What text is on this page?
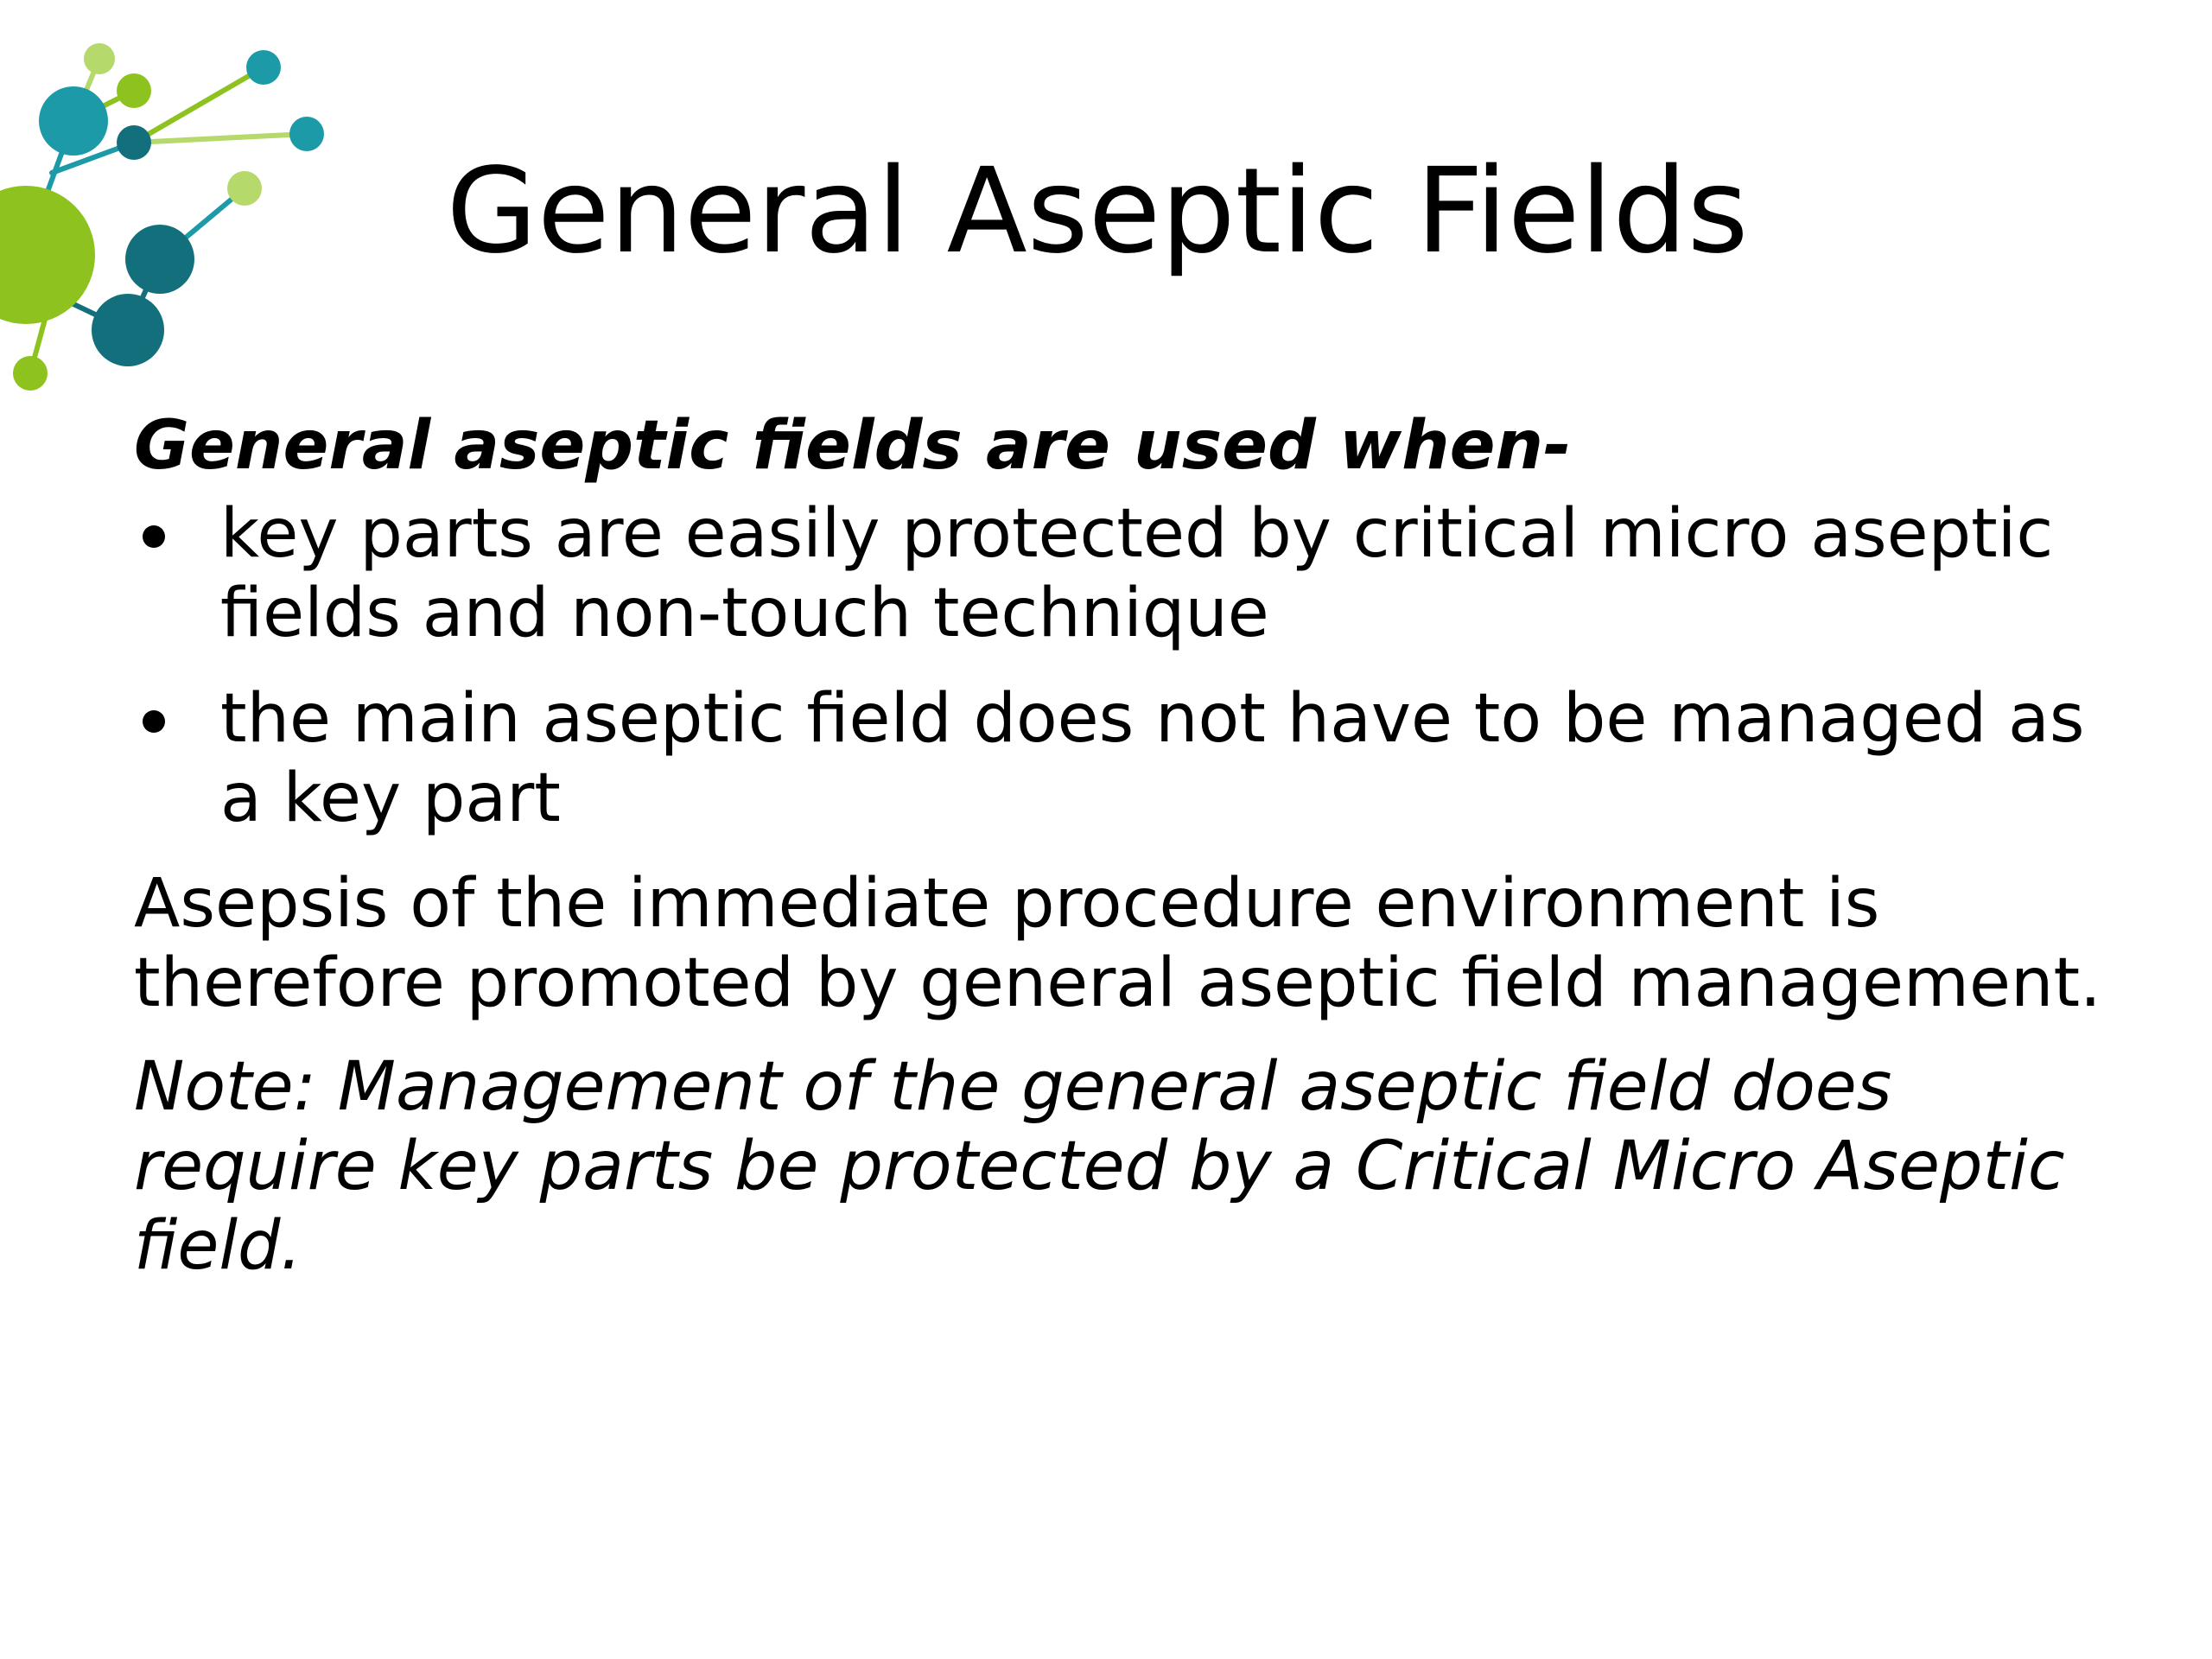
General Aseptic Fields

General aseptic fields are used when-

key parts are easily protected by critical micro aseptic fields and non-touch technique
the main aseptic field does not have to be managed as a key part

Asepsis of the immediate procedure environment is therefore promoted by general aseptic field management.

Note: Management of the general aseptic field does require key parts be protected by a Critical Micro Aseptic field.
